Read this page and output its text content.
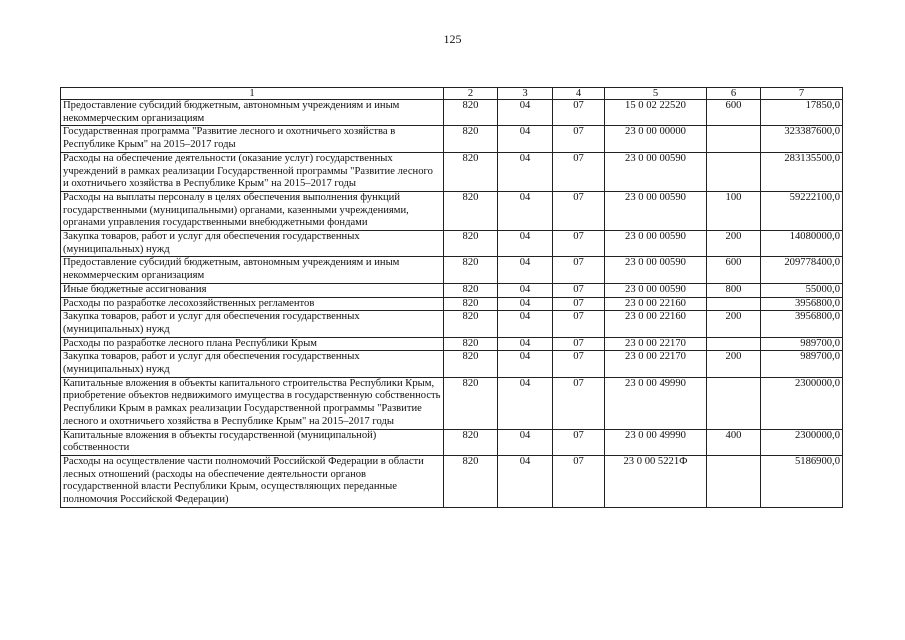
125
1	2	3	4	5	6	7
Предоставление субсидий бюджетным, автономным учреждениям и иным некоммерческим организациям	820	04	07	15 0 02 22520	600	17850,0
Государственная программа "Развитие лесного и охотничьего хозяйства в Республике Крым" на 2015–2017 годы	820	04	07	23 0 00 00000		323387600,0
Расходы на обеспечение деятельности (оказание услуг) государственных учреждений в рамках реализации Государственной программы "Развитие лесного и охотничьего хозяйства в Республике Крым" на 2015–2017 годы	820	04	07	23 0 00 00590		283135500,0
Расходы на выплаты персоналу в целях обеспечения выполнения функций государственными (муниципальными) органами, казенными учреждениями, органами управления государственными внебюджетными фондами	820	04	07	23 0 00 00590	100	59222100,0
Закупка товаров, работ и услуг для обеспечения государственных (муниципальных) нужд	820	04	07	23 0 00 00590	200	14080000,0
Предоставление субсидий бюджетным, автономным учреждениям и иным некоммерческим организациям	820	04	07	23 0 00 00590	600	209778400,0
Иные бюджетные ассигнования	820	04	07	23 0 00 00590	800	55000,0
Расходы по разработке лесохозяйственных регламентов	820	04	07	23 0 00 22160		3956800,0
Закупка товаров, работ и услуг для обеспечения государственных (муниципальных) нужд	820	04	07	23 0 00 22160	200	3956800,0
Расходы по разработке лесного плана Республики Крым	820	04	07	23 0 00 22170		989700,0
Закупка товаров, работ и услуг для обеспечения государственных (муниципальных) нужд	820	04	07	23 0 00 22170	200	989700,0
Капитальные вложения в объекты капитального строительства Республики Крым, приобретение объектов недвижимого имущества в государственную собственность Республики Крым в рамках реализации Государственной программы "Развитие лесного и охотничьего хозяйства в Республике Крым" на 2015–2017 годы	820	04	07	23 0 00 49990		2300000,0
Капитальные вложения в объекты государственной (муниципальной) собственности	820	04	07	23 0 00 49990	400	2300000,0
Расходы на осуществление части полномочий Российской Федерации в области лесных отношений (расходы на обеспечение деятельности органов государственной власти Республики Крым, осуществляющих переданные полномочия Российской Федерации)	820	04	07	23 0 00 5221Ф		5186900,0
